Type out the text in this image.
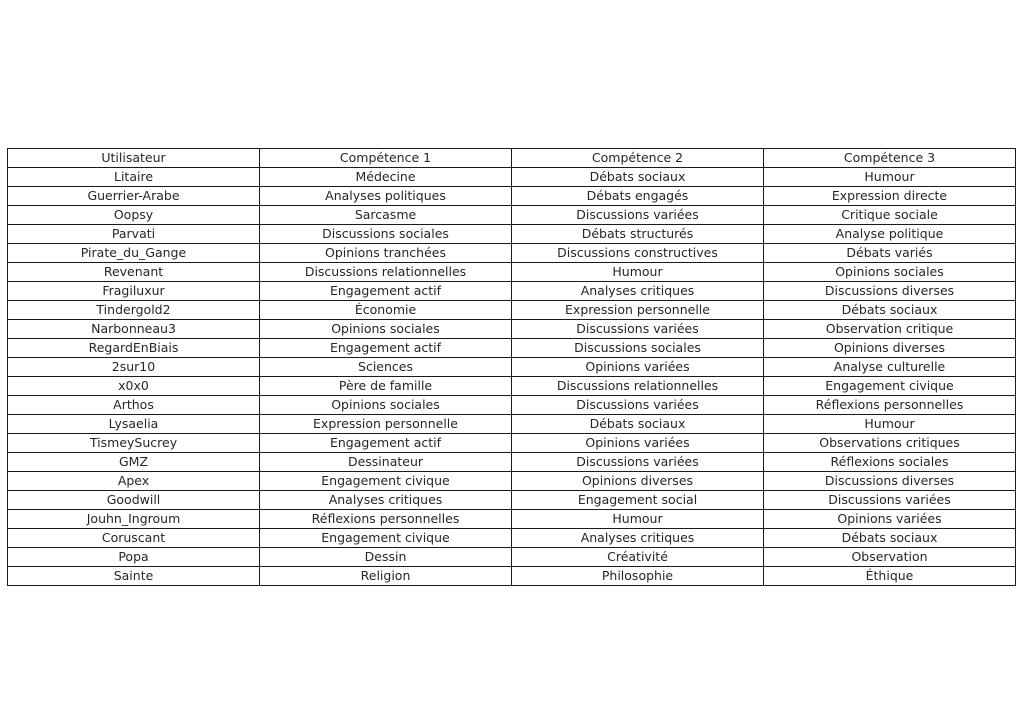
Utilisateur	Compétence 1	Compétence 2	Compétence 3
Litaire	Médecine	Débats sociaux	Humour
Guerrier-Arabe	Analyses politiques	Débats engagés	Expression directe
Oopsy	Sarcasme	Discussions variées	Critique sociale
Parvati	Discussions sociales	Débats structurés	Analyse politique
Pirate_du_Gange	Opinions tranchées	Discussions constructives	Débats variés
Revenant	Discussions relationnelles	Humour	Opinions sociales
Fragiluxur	Engagement actif	Analyses critiques	Discussions diverses
Tindergold2	Économie	Expression personnelle	Débats sociaux
Narbonneau3	Opinions sociales	Discussions variées	Observation critique
RegardEnBiais	Engagement actif	Discussions sociales	Opinions diverses
2sur10	Sciences	Opinions variées	Analyse culturelle
x0x0	Père de famille	Discussions relationnelles	Engagement civique
Arthos	Opinions sociales	Discussions variées	Réflexions personnelles
Lysaelia	Expression personnelle	Débats sociaux	Humour
TismeySucrey	Engagement actif	Opinions variées	Observations critiques
GMZ	Dessinateur	Discussions variées	Réflexions sociales
Apex	Engagement civique	Opinions diverses	Discussions diverses
Goodwill	Analyses critiques	Engagement social	Discussions variées
Jouhn_Ingroum	Réflexions personnelles	Humour	Opinions variées
Coruscant	Engagement civique	Analyses critiques	Débats sociaux
Popa	Dessin	Créativité	Observation
Sainte	Religion	Philosophie	Éthique
